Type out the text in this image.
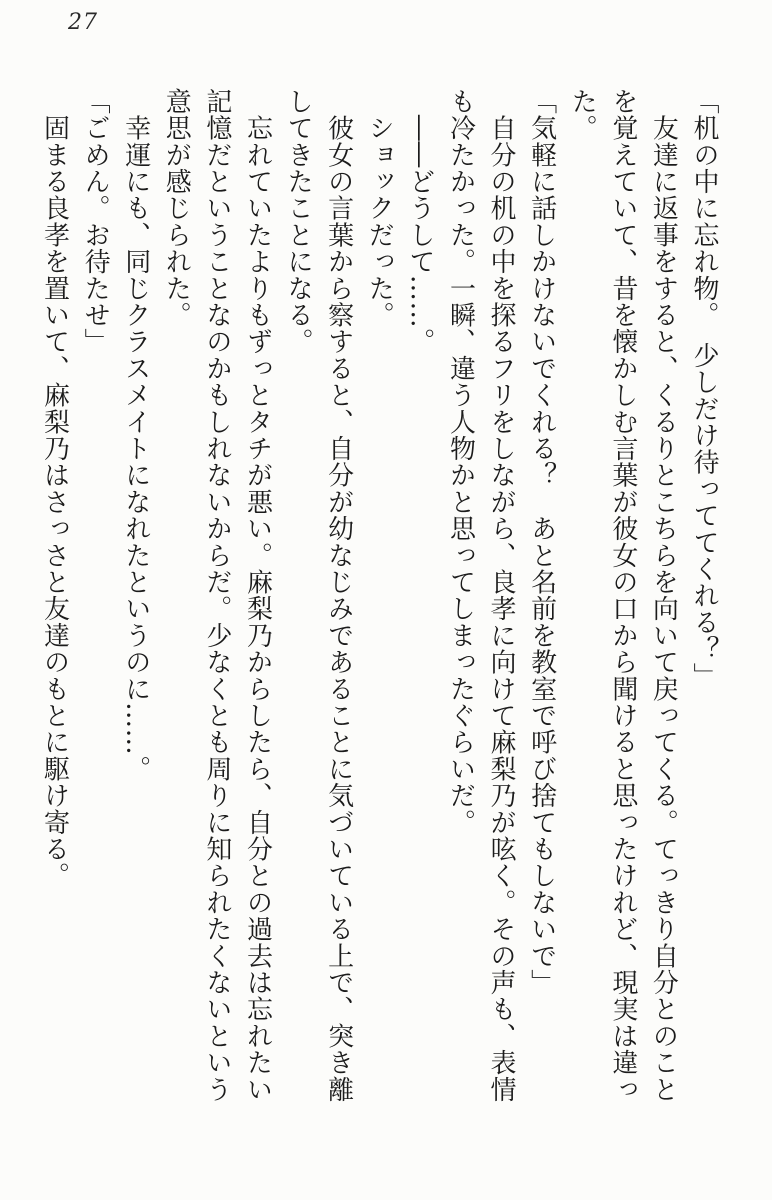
27
「机の中に忘れ物。　少しだけ待っててくれる？」
　友達に返事をすると、くるりとこちらを向いて戻ってくる。てっきり自分とのこと
を覚えていて、昔を懐かしむ言葉が彼女の口から聞けると思ったけれど、現実は違っ
た。
「気軽に話しかけないでくれる？　あと名前を教室で呼び捨てもしないで」
　自分の机の中を探るフリをしながら、良孝に向けて麻梨乃が呟く。その声も、表情
も冷たかった。一瞬、違う人物かと思ってしまったぐらいだ。
　――どうして……。
　ショックだった。
　彼女の言葉から察すると、自分が幼なじみであることに気づいている上で、突き離
してきたことになる。
　忘れていたよりもずっとタチが悪い。麻梨乃からしたら、自分との過去は忘れたい
記憶だということなのかもしれないからだ。少なくとも周りに知られたくないという
意思が感じられた。
　幸運にも、同じクラスメイトになれたというのに……。
「ごめん。お待たせ」
　固まる良孝を置いて、麻梨乃はさっさと友達のもとに駆け寄る。
